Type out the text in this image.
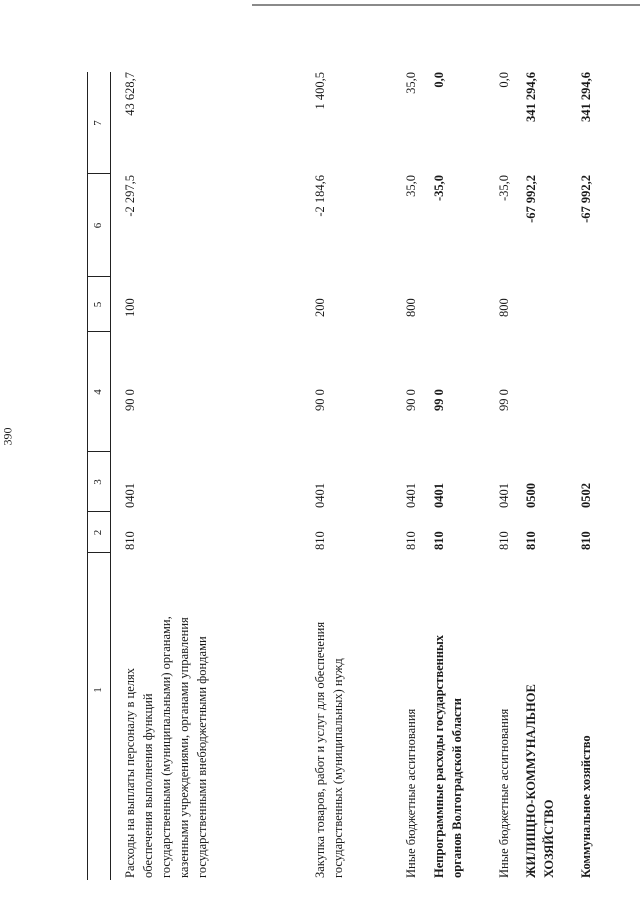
390
1
2
3
4
5
6
7
Расходы на выплаты персоналу в целях обеспечения выполнения функций государственными (муниципальными) органами, казенными учреждениями, органами управления государственными внебюджетными фондами
810
0401
90 0
100
-2 297,5
43 628,7
Закупка товаров, работ и услуг для обеспечения государственных (муниципальных) нужд
810
0401
90 0
200
-2 184,6
1 400,5
Иные бюджетные ассигнования
810
0401
90 0
800
35,0
35,0
Непрограммные расходы государственных органов Волгоградской области
810
0401
99 0
-35,0
0,0
Иные бюджетные ассигнования
810
0401
99 0
800
-35,0
0,0
ЖИЛИЩНО-КОММУНАЛЬНОЕ ХОЗЯЙСТВО
810
0500
-67 992,2
341 294,6
Коммунальное хозяйство
810
0502
-67 992,2
341 294,6
